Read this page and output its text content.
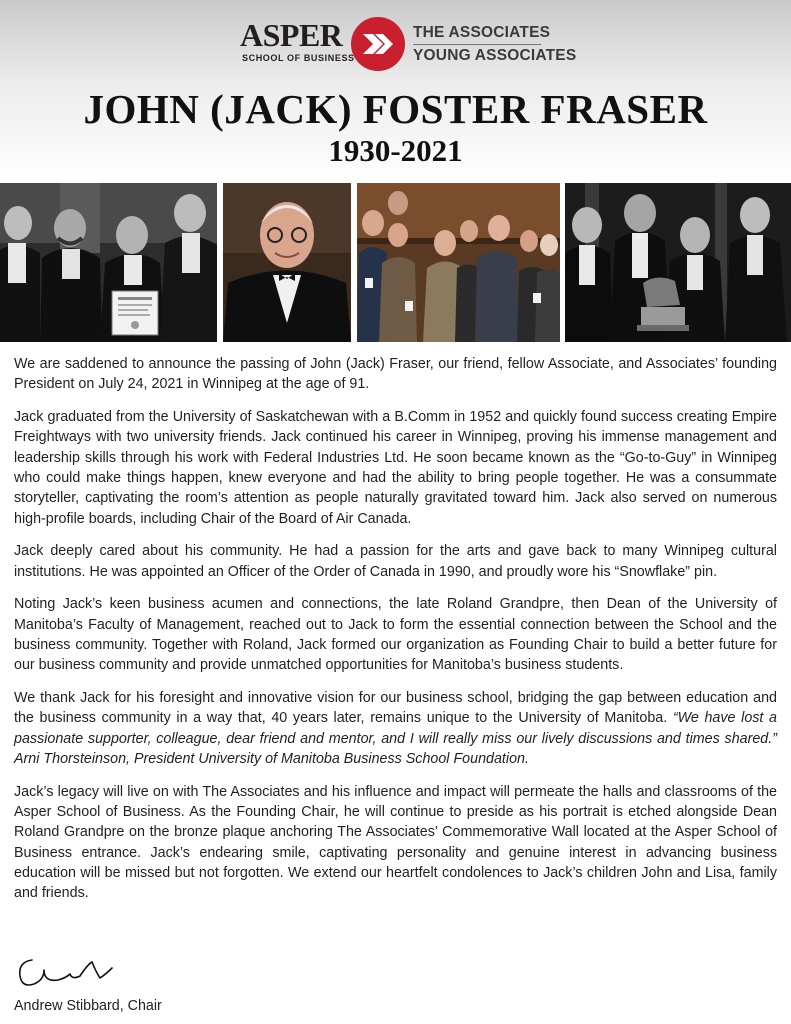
ASPER
SCHOOL OF BUSINESS
THE ASSOCIATES
YOUNG ASSOCIATES
JOHN (JACK) FOSTER FRASER
1930-2021

We are saddened to announce the passing of John (Jack) Fraser, our friend, fellow Associate, and Associates’ founding President on July 24, 2021 in Winnipeg at the age of 91.

Jack graduated from the University of Saskatchewan with a B.Comm in 1952 and quickly found success creating Empire Freightways with two university friends. Jack continued his career in Winnipeg, proving his immense management and leadership skills through his work with Federal Industries Ltd. He soon became known as the “Go-to-Guy” in Winnipeg who could make things happen, knew everyone and had the ability to bring people together. He was a consummate storyteller, captivating the room’s attention as people naturally gravitated toward him. Jack also served on numerous high-profile boards, including Chair of the Board of Air Canada.

Jack deeply cared about his community. He had a passion for the arts and gave back to many Winnipeg cultural institutions. He was appointed an Officer of the Order of Canada in 1990, and proudly wore his “Snowflake” pin.

Noting Jack’s keen business acumen and connections, the late Roland Grandpre, then Dean of the University of Manitoba’s Faculty of Management, reached out to Jack to form the essential connection between the School and the business community. Together with Roland, Jack formed our organization as Founding Chair to build a better future for our business community and provide unmatched opportunities for Manitoba’s business students.

We thank Jack for his foresight and innovative vision for our business school, bridging the gap between education and the business community in a way that, 40 years later, remains unique to the University of Manitoba. “We have lost a passionate supporter, colleague, dear friend and mentor, and I will really miss our lively discussions and times shared.” Arni Thorsteinson, President University of Manitoba Business School Foundation.

Jack’s legacy will live on with The Associates and his influence and impact will permeate the halls and classrooms of the Asper School of Business. As the Founding Chair, he will continue to preside as his portrait is etched alongside Dean Roland Grandpre on the bronze plaque anchoring The Associates’ Commemorative Wall located at the Asper School of Business entrance. Jack’s endearing smile, captivating personality and genuine interest in advancing business education will be missed but not forgotten. We extend our heartfelt condolences to Jack’s children John and Lisa, family and friends.

Andrew Stibbard, Chair
